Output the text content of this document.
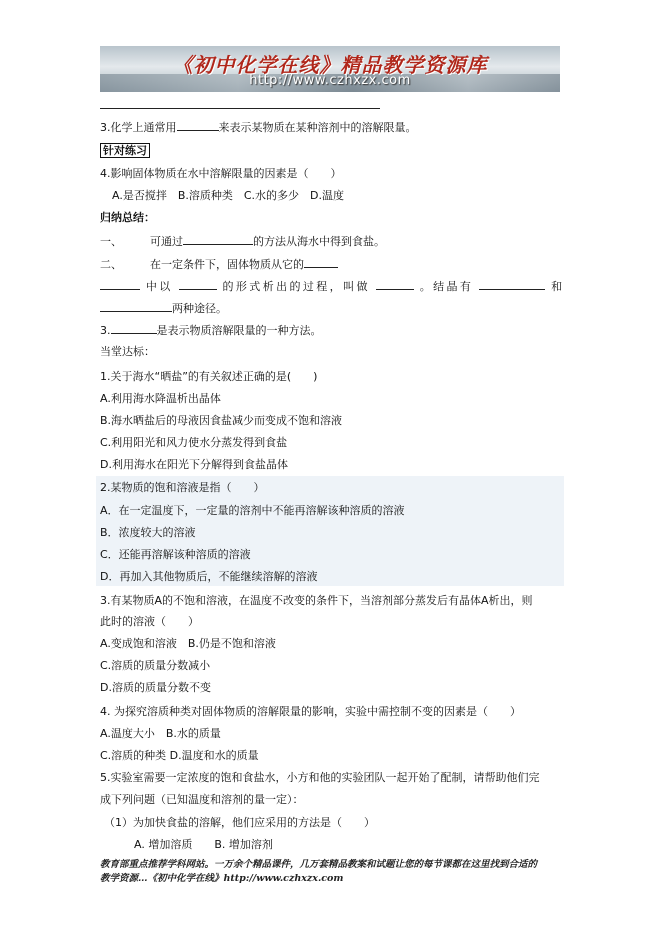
《初中化学在线》精品教学资源库
http://www.czhxzx.com
3.化学上通常用	来表示某物质在某种溶剂中的溶解限量。
针对练习
4.影响固体物质在水中溶解限量的因素是（　　）
A.是否搅拌　B.溶质种类　C.水的多少　D.温度
归纳总结：
一、	可通过	的方法从海水中得到食盐。
二、	在一定条件下，固体物质从它的
中以	的形式析出的过程，叫做	。结晶有	和
两种途径。
3.	是表示物质溶解限量的一种方法。
当堂达标：
1.关于海水“晒盐”的有关叙述正确的是(　　)
A.利用海水降温析出晶体
B.海水晒盐后的母液因食盐减少而变成不饱和溶液
C.利用阳光和风力使水分蒸发得到食盐
D.利用海水在阳光下分解得到食盐晶体
2.某物质的饱和溶液是指（　　）
A．在一定温度下，一定量的溶剂中不能再溶解该种溶质的溶液
B．浓度较大的溶液
C．还能再溶解该种溶质的溶液
D．再加入其他物质后，不能继续溶解的溶液
3.有某物质A的不饱和溶液，在温度不改变的条件下，当溶剂部分蒸发后有晶体A析出，则
此时的溶液（　　）
A.变成饱和溶液　B.仍是不饱和溶液
C.溶质的质量分数减小
D.溶质的质量分数不变
4. 为探究溶质种类对固体物质的溶解限量的影响，实验中需控制不变的因素是（　　）
A.温度大小　B.水的质量
C.溶质的种类 D.温度和水的质量
5.实验室需要一定浓度的饱和食盐水，小方和他的实验团队一起开始了配制，请帮助他们完
成下列问题（已知温度和溶剂的量一定）：
（1）为加快食盐的溶解，他们应采用的方法是（　　）
A. 增加溶质　　B. 增加溶剂
教育部重点推荐学科网站。一万余个精品课件，几万套精品教案和试题让您的每节课都在这里找到合适的
教学资源…《初中化学在线》http://www.czhxzx.com
